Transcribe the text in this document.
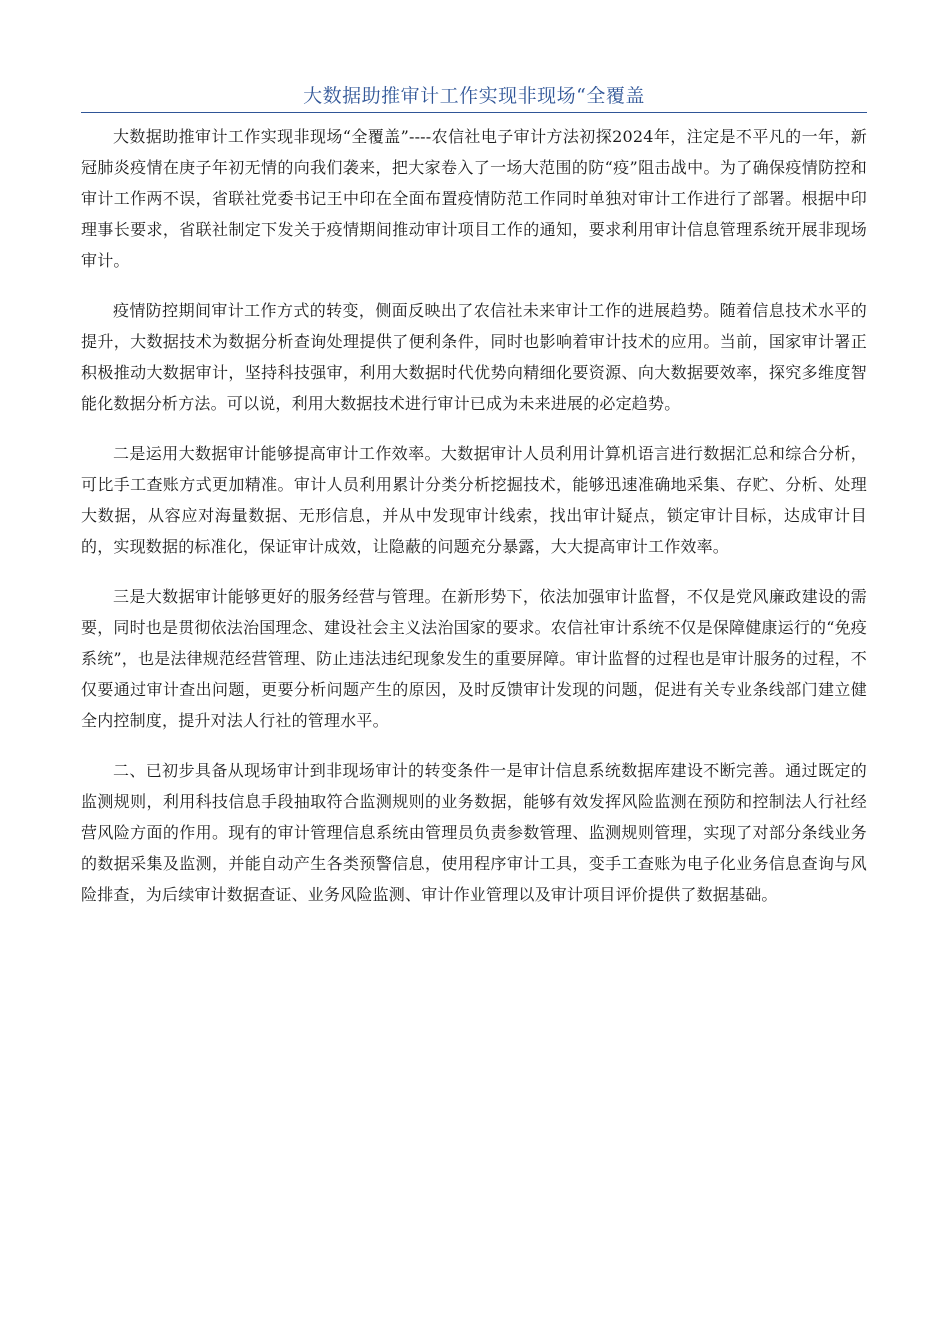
大数据助推审计工作实现非现场“全覆盖

大数据助推审计工作实现非现场“全覆盖”----农信社电子审计方法初探2024年，注定是不平凡的一年，新冠肺炎疫情在庚子年初无情的向我们袭来，把大家卷入了一场大范围的防“疫”阻击战中。为了确保疫情防控和审计工作两不误，省联社党委书记王中印在全面布置疫情防范工作同时单独对审计工作进行了部署。根据中印理事长要求，省联社制定下发关于疫情期间推动审计项目工作的通知，要求利用审计信息管理系统开展非现场审计。

疫情防控期间审计工作方式的转变，侧面反映出了农信社未来审计工作的进展趋势。随着信息技术水平的提升，大数据技术为数据分析查询处理提供了便利条件，同时也影响着审计技术的应用。当前，国家审计署正积极推动大数据审计，坚持科技强审，利用大数据时代优势向精细化要资源、向大数据要效率，探究多维度智能化数据分析方法。可以说，利用大数据技术进行审计已成为未来进展的必定趋势。

二是运用大数据审计能够提高审计工作效率。大数据审计人员利用计算机语言进行数据汇总和综合分析，可比手工查账方式更加精准。审计人员利用累计分类分析挖掘技术，能够迅速准确地采集、存贮、分析、处理大数据，从容应对海量数据、无形信息，并从中发现审计线索，找出审计疑点，锁定审计目标，达成审计目的，实现数据的标准化，保证审计成效，让隐蔽的问题充分暴露，大大提高审计工作效率。

三是大数据审计能够更好的服务经营与管理。在新形势下，依法加强审计监督，不仅是党风廉政建设的需要，同时也是贯彻依法治国理念、建设社会主义法治国家的要求。农信社审计系统不仅是保障健康运行的“免疫系统”，也是法律规范经营管理、防止违法违纪现象发生的重要屏障。审计监督的过程也是审计服务的过程，不仅要通过审计查出问题，更要分析问题产生的原因，及时反馈审计发现的问题，促进有关专业条线部门建立健全内控制度，提升对法人行社的管理水平。

二、已初步具备从现场审计到非现场审计的转变条件一是审计信息系统数据库建设不断完善。通过既定的监测规则，利用科技信息手段抽取符合监测规则的业务数据，能够有效发挥风险监测在预防和控制法人行社经营风险方面的作用。现有的审计管理信息系统由管理员负责参数管理、监测规则管理，实现了对部分条线业务的数据采集及监测，并能自动产生各类预警信息，使用程序审计工具，变手工查账为电子化业务信息查询与风险排查，为后续审计数据查证、业务风险监测、审计作业管理以及审计项目评价提供了数据基础。
